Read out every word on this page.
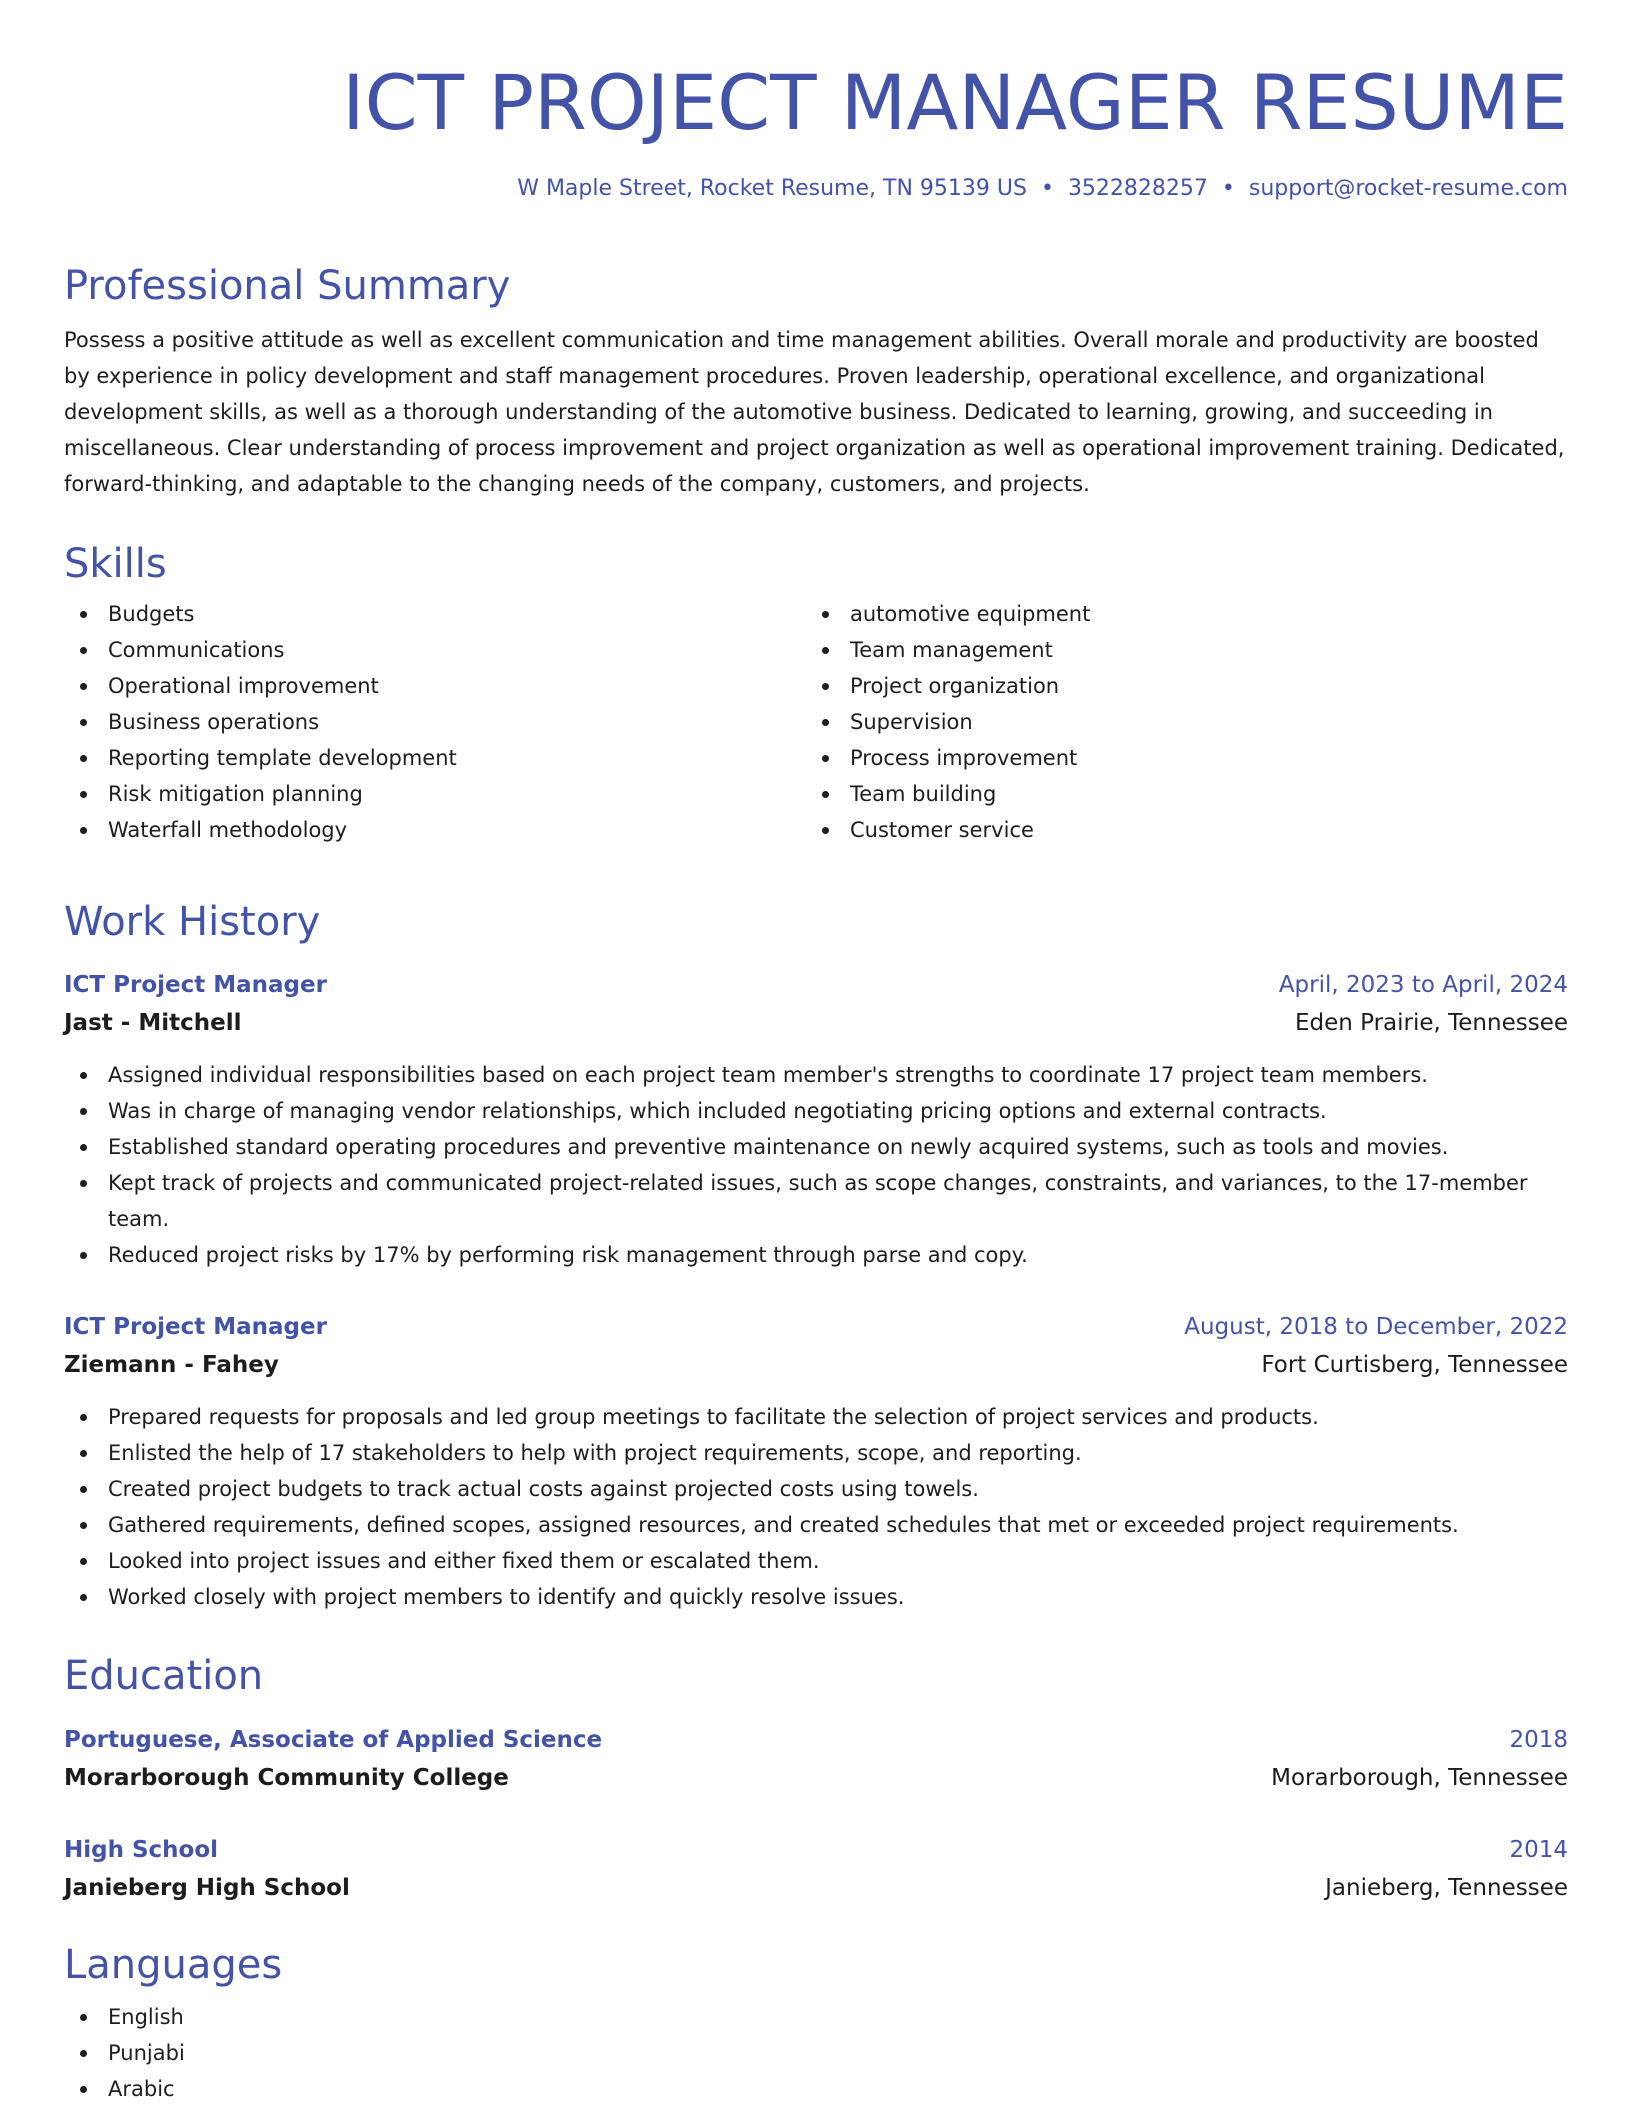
ICT PROJECT MANAGER RESUME
W Maple Street, Rocket Resume, TN 95139 US • 3522828257 • support@rocket-resume.com
Professional Summary

Possess a positive attitude as well as excellent communication and time management abilities. Overall morale and productivity are boosted by experience in policy development and staff management procedures. Proven leadership, operational excellence, and organizational development skills, as well as a thorough understanding of the automotive business. Dedicated to learning, growing, and succeeding in miscellaneous. Clear understanding of process improvement and project organization as well as operational improvement training. Dedicated, forward-thinking, and adaptable to the changing needs of the company, customers, and projects.

Skills
Budgets
Communications
Operational improvement
Business operations
Reporting template development
Risk mitigation planning
Waterfall methodology
automotive equipment
Team management
Project organization
Supervision
Process improvement
Team building
Customer service
Work History
ICT Project Manager	April, 2023 to April, 2024
Jast - Mitchell	Eden Prairie, Tennessee
Assigned individual responsibilities based on each project team member's strengths to coordinate 17 project team members.
Was in charge of managing vendor relationships, which included negotiating pricing options and external contracts.
Established standard operating procedures and preventive maintenance on newly acquired systems, such as tools and movies.
Kept track of projects and communicated project-related issues, such as scope changes, constraints, and variances, to the 17-member team.
Reduced project risks by 17% by performing risk management through parse and copy.
ICT Project Manager	August, 2018 to December, 2022
Ziemann - Fahey	Fort Curtisberg, Tennessee
Prepared requests for proposals and led group meetings to facilitate the selection of project services and products.
Enlisted the help of 17 stakeholders to help with project requirements, scope, and reporting.
Created project budgets to track actual costs against projected costs using towels.
Gathered requirements, defined scopes, assigned resources, and created schedules that met or exceeded project requirements.
Looked into project issues and either fixed them or escalated them.
Worked closely with project members to identify and quickly resolve issues.
Education
Portuguese, Associate of Applied Science	2018
Morarborough Community College	Morarborough, Tennessee
High School	2014
Janieberg High School	Janieberg, Tennessee
Languages
English
Punjabi
Arabic
